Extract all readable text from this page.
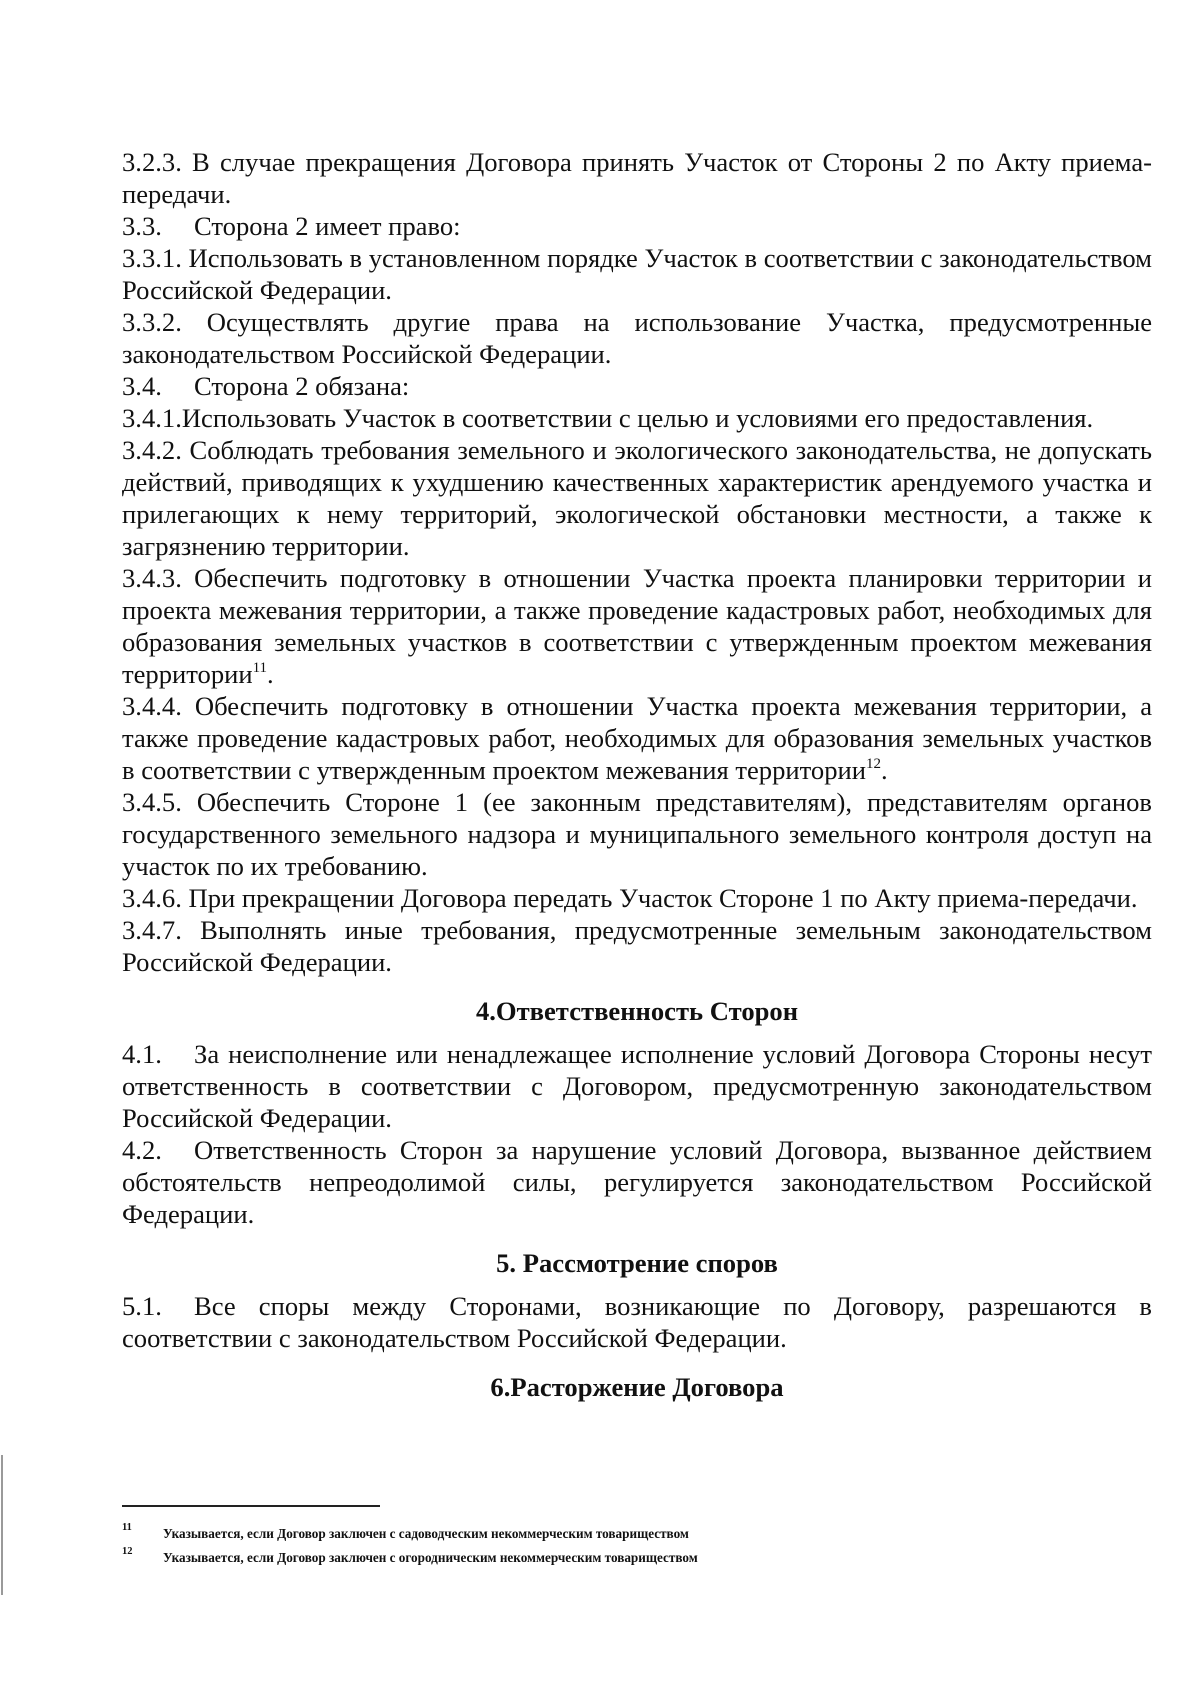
3.2.3. В случае прекращения Договора принять Участок от Стороны 2 по Акту приема-передачи.

3.3. Сторона 2 имеет право:

3.3.1. Использовать в установленном порядке Участок в соответствии с законодательством Российской Федерации.

3.3.2. Осуществлять другие права на использование Участка, предусмотренные законодательством Российской Федерации.

3.4. Сторона 2 обязана:

3.4.1.Использовать Участок в соответствии с целью и условиями его предоставления.

3.4.2. Соблюдать требования земельного и экологического законодательства, не допускать действий, приводящих к ухудшению качественных характеристик арендуемого участка и прилегающих к нему территорий, экологической обстановки местности, а также к загрязнению территории.

3.4.3. Обеспечить подготовку в отношении Участка проекта планировки территории и проекта межевания территории, а также проведение кадастровых работ, необходимых для образования земельных участков в соответствии с утвержденным проектом межевания территории$^{11}$.

3.4.4. Обеспечить подготовку в отношении Участка проекта межевания территории, а также проведение кадастровых работ, необходимых для образования земельных участков в соответствии с утвержденным проектом межевания территории$^{12}$.

3.4.5. Обеспечить Стороне 1 (ее законным представителям), представителям органов государственного земельного надзора и муниципального земельного контроля доступ на участок по их требованию.

3.4.6. При прекращении Договора передать Участок Стороне 1 по Акту приема-передачи.

3.4.7. Выполнять иные требования, предусмотренные земельным законодательством Российской Федерации.

4.Ответственность Сторон

4.1. За неисполнение или ненадлежащее исполнение условий Договора Стороны несут ответственность в соответствии с Договором, предусмотренную законодательством Российской Федерации.

4.2. Ответственность Сторон за нарушение условий Договора, вызванное действием обстоятельств непреодолимой силы, регулируется законодательством Российской Федерации.

5. Рассмотрение споров

5.1. Все споры между Сторонами, возникающие по Договору, разрешаются в соответствии с законодательством Российской Федерации.

6.Расторжение Договора

11 Указывается, если Договор заключен с садоводческим некоммерческим товариществом
12 Указывается, если Договор заключен с огородническим некоммерческим товариществом
